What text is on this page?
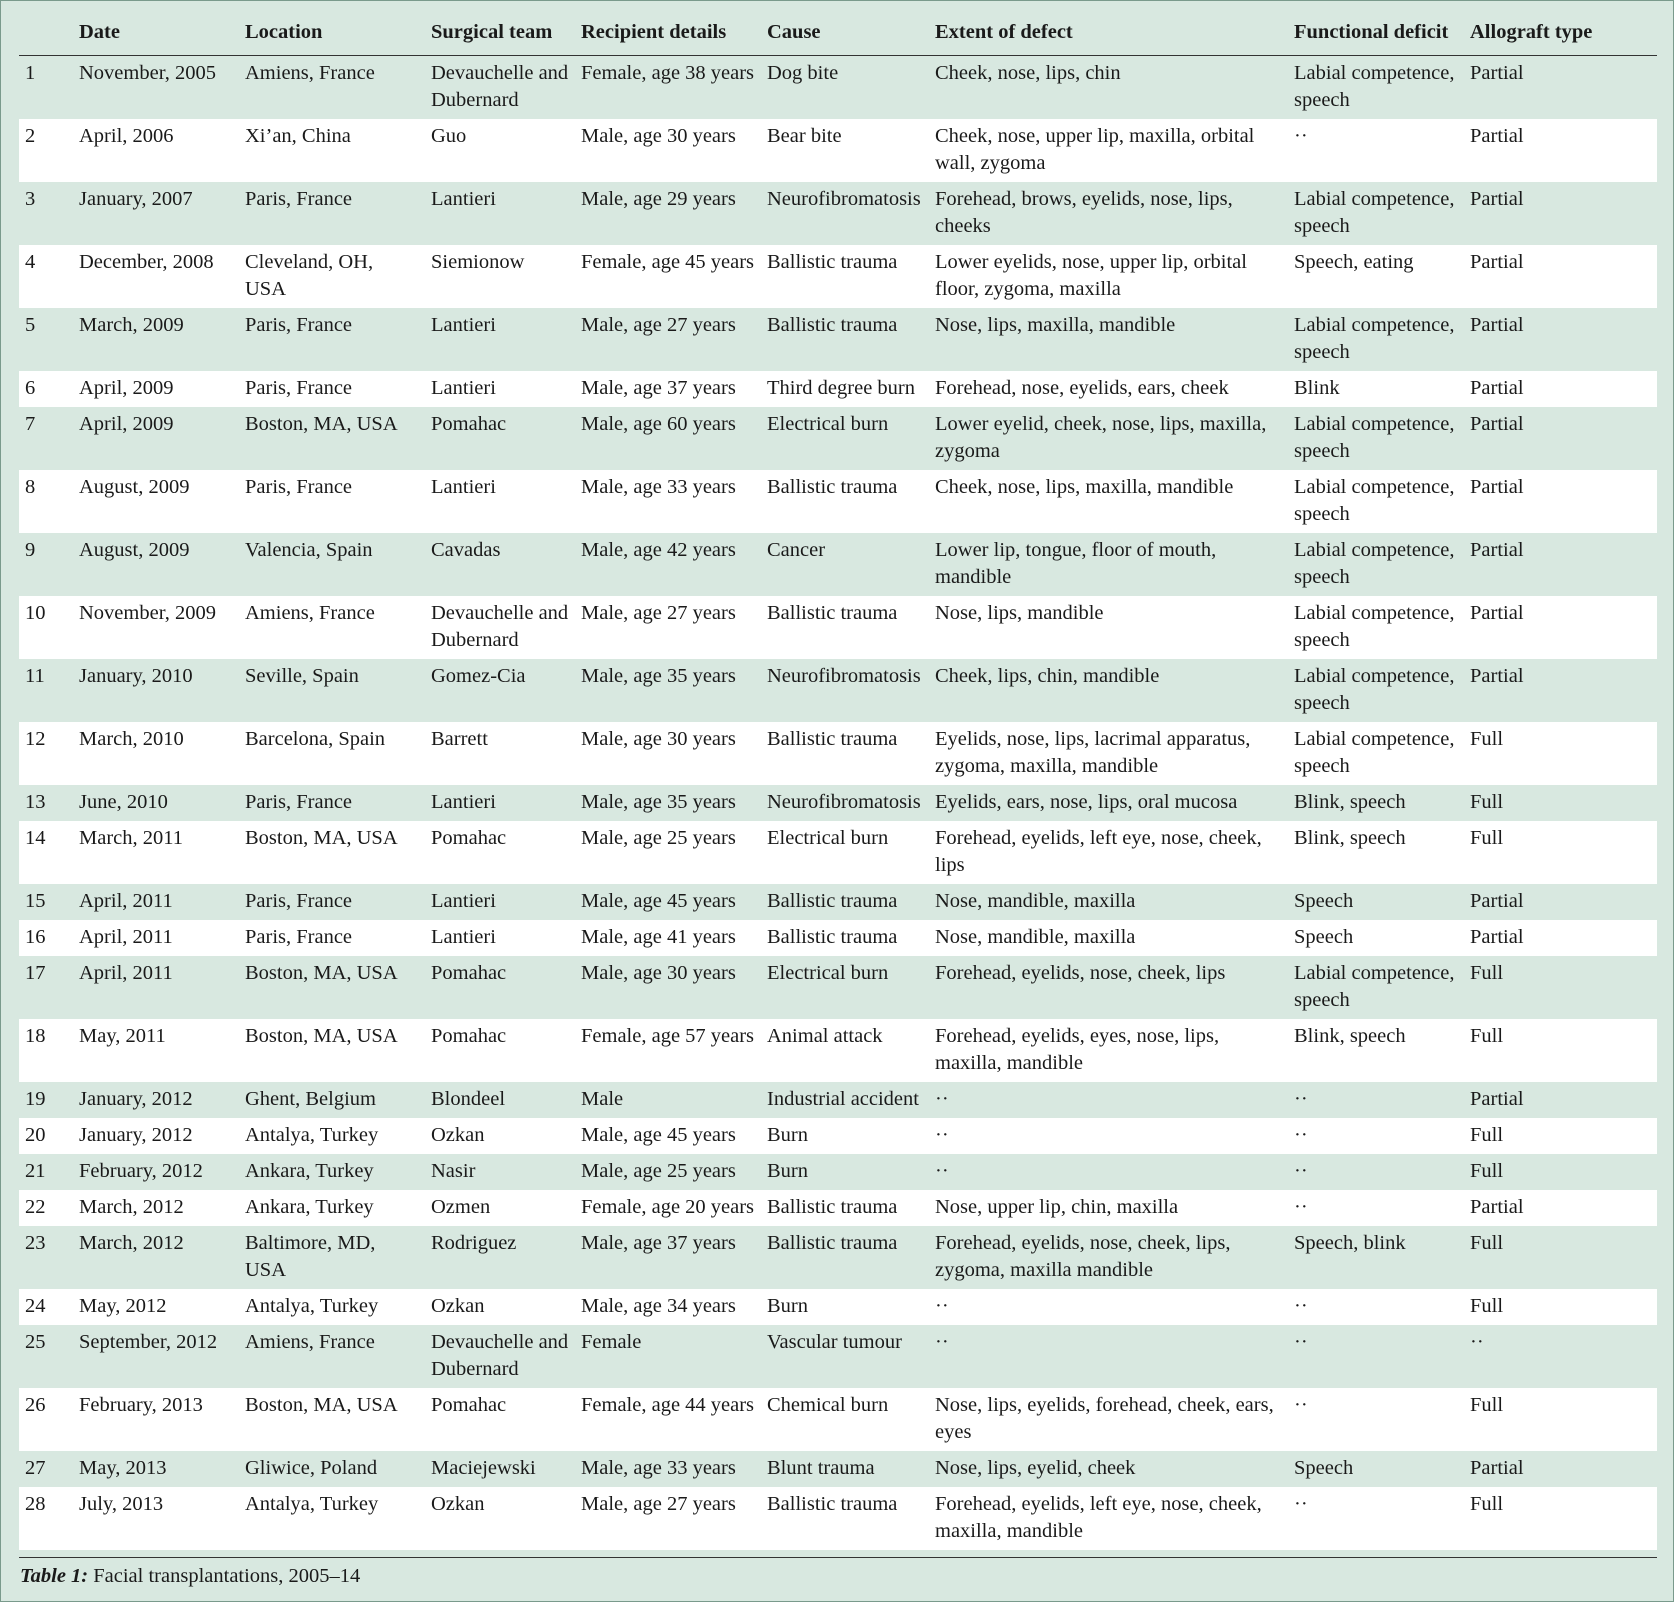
	Date	Location	Surgical team	Recipient details	Cause	Extent of defect	Functional deficit	Allograft type

1	November, 2005	Amiens, France	Devauchelle and Dubernard	Female, age 38 years	Dog bite	Cheek, nose, lips, chin	Labial competence, speech	Partial
2	April, 2006	Xi’an, China	Guo	Male, age 30 years	Bear bite	Cheek, nose, upper lip, maxilla, orbital wall, zygoma	··	Partial
3	January, 2007	Paris, France	Lantieri	Male, age 29 years	Neurofibromatosis	Forehead, brows, eyelids, nose, lips, cheeks	Labial competence, speech	Partial
4	December, 2008	Cleveland, OH, USA	Siemionow	Female, age 45 years	Ballistic trauma	Lower eyelids, nose, upper lip, orbital floor, zygoma, maxilla	Speech, eating	Partial
5	March, 2009	Paris, France	Lantieri	Male, age 27 years	Ballistic trauma	Nose, lips, maxilla, mandible	Labial competence, speech	Partial
6	April, 2009	Paris, France	Lantieri	Male, age 37 years	Third degree burn	Forehead, nose, eyelids, ears, cheek	Blink	Partial
7	April, 2009	Boston, MA, USA	Pomahac	Male, age 60 years	Electrical burn	Lower eyelid, cheek, nose, lips, maxilla, zygoma	Labial competence, speech	Partial
8	August, 2009	Paris, France	Lantieri	Male, age 33 years	Ballistic trauma	Cheek, nose, lips, maxilla, mandible	Labial competence, speech	Partial
9	August, 2009	Valencia, Spain	Cavadas	Male, age 42 years	Cancer	Lower lip, tongue, floor of mouth, mandible	Labial competence, speech	Partial
10	November, 2009	Amiens, France	Devauchelle and Dubernard	Male, age 27 years	Ballistic trauma	Nose, lips, mandible	Labial competence, speech	Partial
11	January, 2010	Seville, Spain	Gomez-Cia	Male, age 35 years	Neurofibromatosis	Cheek, lips, chin, mandible	Labial competence, speech	Partial
12	March, 2010	Barcelona, Spain	Barrett	Male, age 30 years	Ballistic trauma	Eyelids, nose, lips, lacrimal apparatus, zygoma, maxilla, mandible	Labial competence, speech	Full
13	June, 2010	Paris, France	Lantieri	Male, age 35 years	Neurofibromatosis	Eyelids, ears, nose, lips, oral mucosa	Blink, speech	Full
14	March, 2011	Boston, MA, USA	Pomahac	Male, age 25 years	Electrical burn	Forehead, eyelids, left eye, nose, cheek, lips	Blink, speech	Full
15	April, 2011	Paris, France	Lantieri	Male, age 45 years	Ballistic trauma	Nose, mandible, maxilla	Speech	Partial
16	April, 2011	Paris, France	Lantieri	Male, age 41 years	Ballistic trauma	Nose, mandible, maxilla	Speech	Partial
17	April, 2011	Boston, MA, USA	Pomahac	Male, age 30 years	Electrical burn	Forehead, eyelids, nose, cheek, lips	Labial competence, speech	Full
18	May, 2011	Boston, MA, USA	Pomahac	Female, age 57 years	Animal attack	Forehead, eyelids, eyes, nose, lips, maxilla, mandible	Blink, speech	Full
19	January, 2012	Ghent, Belgium	Blondeel	Male	Industrial accident	··	··	Partial
20	January, 2012	Antalya, Turkey	Ozkan	Male, age 45 years	Burn	··	··	Full
21	February, 2012	Ankara, Turkey	Nasir	Male, age 25 years	Burn	··	··	Full
22	March, 2012	Ankara, Turkey	Ozmen	Female, age 20 years	Ballistic trauma	Nose, upper lip, chin, maxilla	··	Partial
23	March, 2012	Baltimore, MD, USA	Rodriguez	Male, age 37 years	Ballistic trauma	Forehead, eyelids, nose, cheek, lips, zygoma, maxilla mandible	Speech, blink	Full
24	May, 2012	Antalya, Turkey	Ozkan	Male, age 34 years	Burn	··	··	Full
25	September, 2012	Amiens, France	Devauchelle and Dubernard	Female	Vascular tumour	··	··	··
26	February, 2013	Boston, MA, USA	Pomahac	Female, age 44 years	Chemical burn	Nose, lips, eyelids, forehead, cheek, ears, eyes	··	Full
27	May, 2013	Gliwice, Poland	Maciejewski	Male, age 33 years	Blunt trauma	Nose, lips, eyelid, cheek	Speech	Partial
28	July, 2013	Antalya, Turkey	Ozkan	Male, age 27 years	Ballistic trauma	Forehead, eyelids, left eye, nose, cheek, maxilla, mandible	··	Full
Table 1: Facial transplantations, 2005–14
